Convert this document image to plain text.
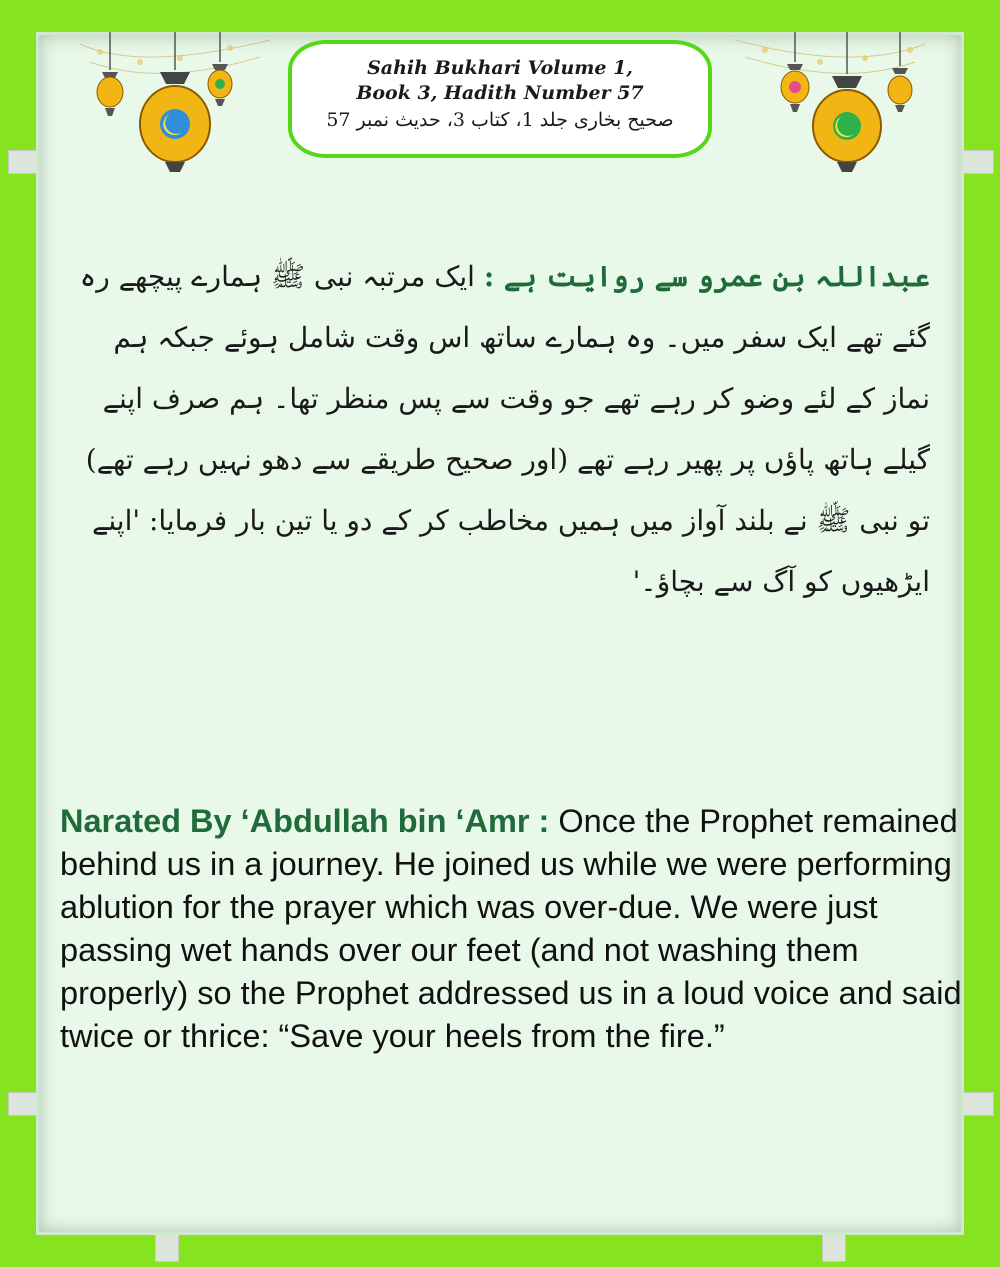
Sahih Bukhari Volume 1,
Book 3, Hadith Number 57
صحیح بخاری جلد 1، کتاب 3، حدیث نمبر 57
عبداللہ بن عمرو سے روایت ہے : ایک مرتبہ نبی ﷺ ہمارے پیچھے رہ گئے تھے ایک سفر میں۔ وہ ہمارے ساتھ اس وقت شامل ہوئے جبکہ ہم نماز کے لئے وضو کر رہے تھے جو وقت سے پس منظر تھا۔ ہم صرف اپنے گیلے ہاتھ پاؤں پر پھیر رہے تھے (اور صحیح طریقے سے دھو نہیں رہے تھے) تو نبی ﷺ نے بلند آواز میں ہمیں مخاطب کر کے دو یا تین بار فرمایا: 'اپنے ایڑھیوں کو آگ سے بچاؤ۔'
Narated By ‘Abdullah bin ‘Amr : Once the Prophet remained behind us in a journey. He joined us while we were performing ablution for the prayer which was over-due. We were just passing wet hands over our feet (and not washing them properly) so the Prophet addressed us in a loud voice and said twice or thrice: “Save your heels from the fire.”
